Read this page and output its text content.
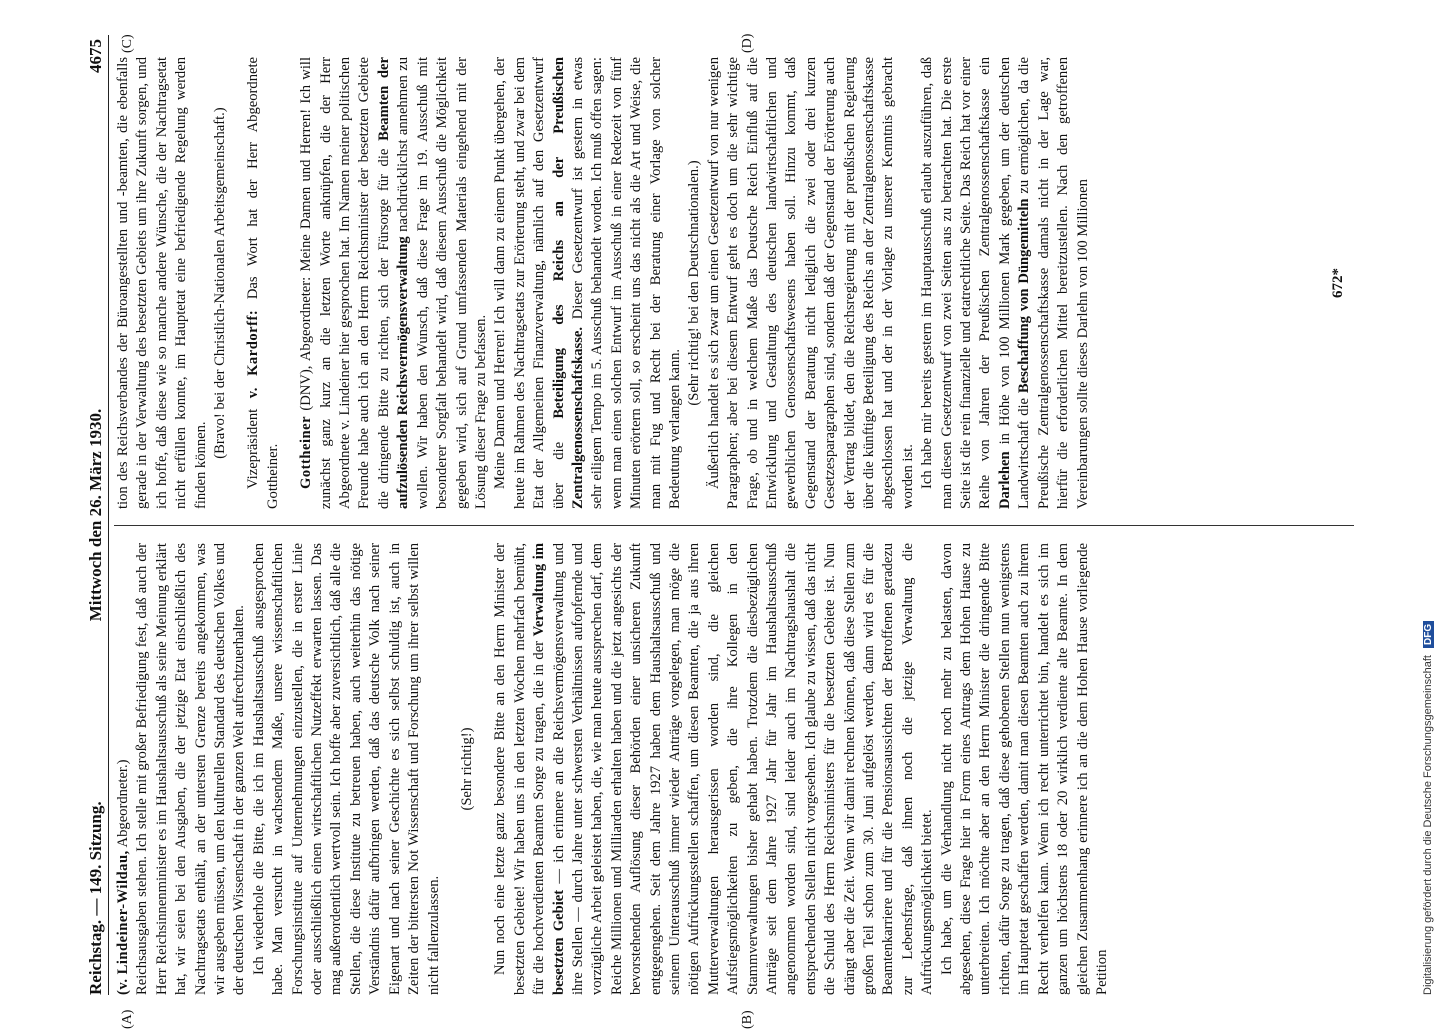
Reichstag. — 149. Sitzung.
Mittwoch den 26. März 1930.
4675

(v. Lindeiner-Wildau, Abgeordneter.) Reichsausgaben stehen. Ich stelle mit großer Befriedigung fest, daß auch der Herr Reichsinnenminister es im Haushaltsausschuß als seine Meinung erklärt hat, wir seien bei den Ausgaben, die der jetzige Etat einschließlich des Nachtragsetats enthält, an der untersten Grenze bereits angekommen, was wir ausgeben müssen, um den kulturellen Standard des deutschen Volkes und der deutschen Wissenschaft in der ganzen Welt aufrechtzuerhalten. Ich wiederhole die Bitte, die ich im Haushaltsausschuß ausgesprochen habe. Man versucht in wachsendem Maße, unsere wissenschaftlichen Forschungsinstitute auf Unternehmungen einzustellen, die in erster Linie oder ausschließlich einen wirtschaftlichen Nutzeffekt erwarten lassen. Das mag außerordentlich wertvoll sein. Ich hoffe aber zuversichtlich, daß alle die Stellen, die diese Institute zu betreuen haben, auch weiterhin das nötige Verständnis dafür aufbringen werden, daß das deutsche Volk nach seiner Eigenart und nach seiner Geschichte es sich selbst schuldig ist, auch in Zeiten der bittersten Not Wissenschaft und Forschung um ihrer selbst willen nicht fallenzulassen.

(Sehr richtig!) Nun noch eine letzte ganz besondere Bitte an den Herrn Minister der besetzten Gebiete! Wir haben uns in den letzten Wochen mehrfach bemüht, für die hochverdienten Beamten Sorge zu tragen, die in der Verwaltung im besetzten Gebiet — ich erinnere an die Reichsvermögensverwaltung und ihre Stellen — durch Jahre unter schwersten Verhältnissen aufopfernde und vorzügliche Arbeit geleistet haben, die, wie man heute aussprechen darf, dem Reiche Millionen und Milliarden erhalten haben und die jetzt angesichts der bevorstehenden Auflösung dieser Behörden einer unsicheren Zukunft entgegengehen. Seit dem Jahre 1927 haben dem Haushaltsausschuß und seinem Unterausschuß immer wieder Anträge vorgelegen, man möge die nötigen Aufrückungsstellen schaffen, um diesen Beamten, die ja aus ihren Mutterverwaltungen herausgerissen worden sind, die gleichen Aufstiegsmöglichkeiten zu geben, die ihre Kollegen in den Stammverwaltungen bisher gehabt haben. Trotzdem die diesbezüglichen Anträge seit dem Jahre 1927 Jahr für Jahr im Haushaltsausschuß angenommen worden sind, sind leider auch im Nachtragshaushalt die entsprechenden Stellen nicht vorgesehen. Ich glaube zu wissen, daß das nicht die Schuld des Herrn Reichsministers für die besetzten Gebiete ist. Nun drängt aber die Zeit. Wenn wir damit rechnen können, daß diese Stellen zum großen Teil schon zum 30. Juni aufgelöst werden, dann wird es für die Beamtenkarriere und für die Pensionsaussichten der Betroffenen geradezu zur Lebensfrage, daß ihnen noch die jetzige Verwaltung die Aufrückungsmöglichkeit bietet. Ich habe, um die Verhandlung nicht noch mehr zu belasten, davon abgesehen, diese Frage hier in Form eines Antrags dem Hohen Hause zu unterbreiten. Ich möchte aber an den Herrn Minister die dringende Bitte richten, dafür Sorge zu tragen, daß diese gehobenen Stellen nun wenigstens im Hauptetat geschaffen werden, damit man diesen Beamten auch zu ihrem Recht verhelfen kann. Wenn ich recht unterrichtet bin, handelt es sich im ganzen um höchstens 18 oder 20 wirklich verdiente alte Beamte. In dem gleichen Zusammenhang erinnere ich an die dem Hohen Hause vorliegende Petition

tion des Reichsverbandes der Büroangestellten und -beamten, die ebenfalls gerade in der Verwaltung des besetzten Gebiets um ihre Zukunft sorgen, und ich hoffe, daß diese wie so manche andere Wünsche, die der Nachtragsetat nicht erfüllen konnte, im Hauptetat eine befriedigende Regelung werden finden können.

(Bravo! bei der Christlich-Nationalen Arbeitsgemeinschaft.) Vizepräsident v. Kardorff: Das Wort hat der Herr Abgeordnete Gottheiner. Gottheiner (DNV), Abgeordneter: Meine Damen und Herren! Ich will zunächst ganz kurz an die letzten Worte anknüpfen, die der Herr Abgeordnete v. Lindeiner hier gesprochen hat. Im Namen meiner politischen Freunde habe auch ich an den Herrn Reichsminister der besetzten Gebiete die dringende Bitte zu richten, sich der Fürsorge für die Beamten der aufzulösenden Reichsvermögensverwaltung nachdrücklichst annehmen zu wollen. Wir haben den Wunsch, daß diese Frage im 19. Ausschuß mit besonderer Sorgfalt behandelt wird, daß diesem Ausschuß die Möglichkeit gegeben wird, sich auf Grund umfassenden Materials eingehend mit der Lösung dieser Frage zu befassen. Meine Damen und Herren! Ich will dann zu einem Punkt übergehen, der heute im Rahmen des Nachtragsetats zur Erörterung steht, und zwar bei dem Etat der Allgemeinen Finanzverwaltung, nämlich auf den Gesetzentwurf über die Beteiligung des Reichs an der Preußischen Zentralgenossenschaftskasse. Dieser Gesetzentwurf ist gestern in etwas sehr eiligem Tempo im 5. Ausschuß behandelt worden. Ich muß offen sagen: wenn man einen solchen Entwurf im Ausschuß in einer Redezeit von fünf Minuten erörtern soll, so erscheint uns das nicht als die Art und Weise, die man mit Fug und Recht bei der Beratung einer Vorlage von solcher Bedeutung verlangen kann.

(Sehr richtig! bei den Deutschnationalen.) Äußerlich handelt es sich zwar um einen Gesetzentwurf von nur wenigen Paragraphen; aber bei diesem Entwurf geht es doch um die sehr wichtige Frage, ob und in welchem Maße das Deutsche Reich Einfluß auf die Entwicklung und Gestaltung des deutschen landwirtschaftlichen und gewerblichen Genossenschaftswesens haben soll. Hinzu kommt, daß Gegenstand der Beratung nicht lediglich die zwei oder drei kurzen Gesetzesparagraphen sind, sondern daß der Gegenstand der Erörterung auch der Vertrag bildet, den die Reichsregierung mit der preußischen Regierung über die künftige Beteiligung des Reichs an der Zentralgenossenschaftskasse abgeschlossen hat und der in der Vorlage zu unserer Kenntnis gebracht worden ist. Ich habe mir bereits gestern im Hauptausschuß erlaubt auszuführen, daß man diesen Gesetzentwurf von zwei Seiten aus zu betrachten hat. Die erste Seite ist die rein finanzielle und etatrechtliche Seite. Das Reich hat vor einer Reihe von Jahren der Preußischen Zentralgenossenschaftskasse ein Darlehen in Höhe von 100 Millionen Mark gegeben, um der deutschen Landwirtschaft die Beschaffung von Düngemitteln zu ermöglichen, da die Preußische Zentralgenossenschaftskasse damals nicht in der Lage war, hierfür die erforderlichen Mittel bereitzustellen. Nach den getroffenen Vereinbarungen sollte dieses Darlehn von 100 Millionen

(A)	(B)
(C)	(D)
672*
Digitalisierung gefördert durch die Deutsche Forschungsgemeinschaft DFG
